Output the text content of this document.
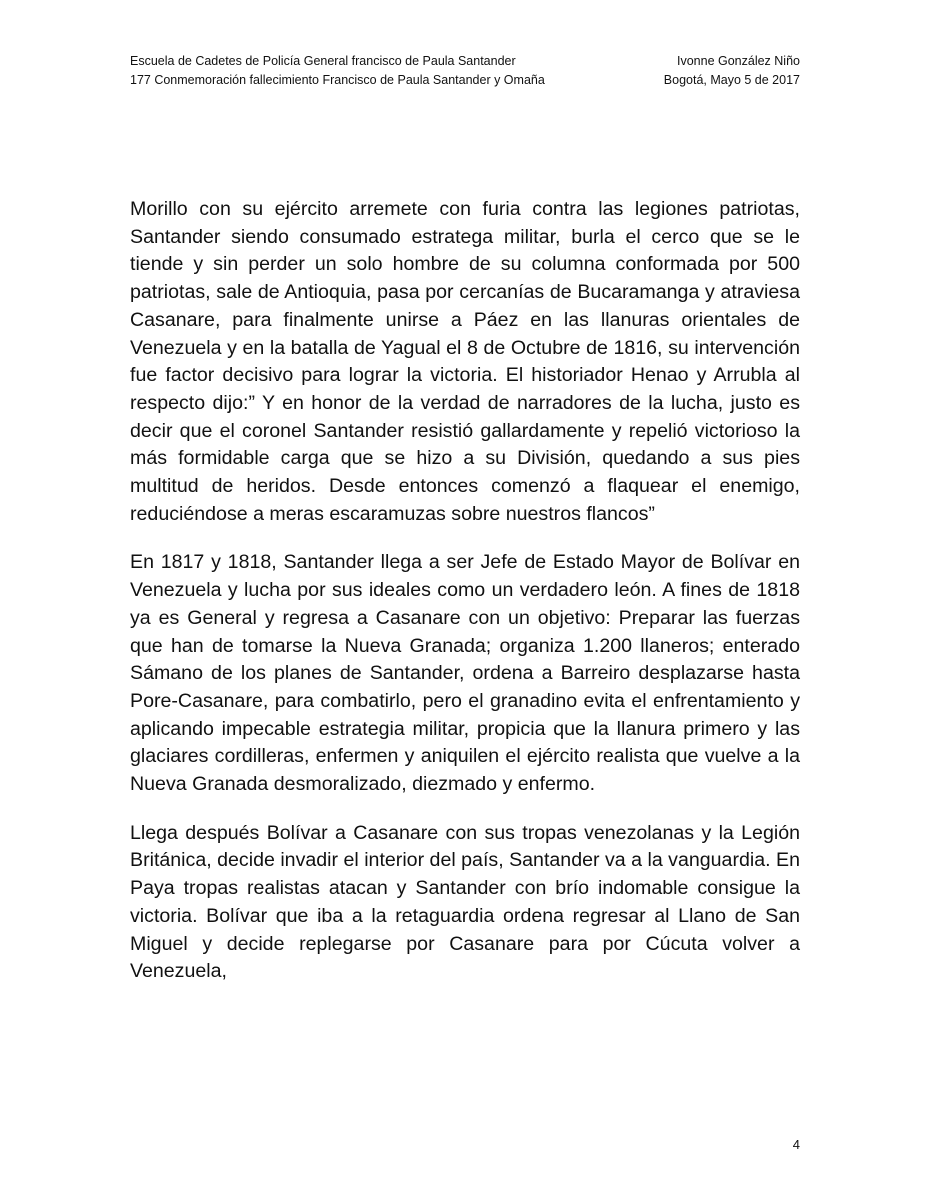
Escuela de Cadetes de Policía General francisco de Paula Santander
177 Conmemoración fallecimiento Francisco de Paula Santander y Omaña
Ivonne González Niño
Bogotá, Mayo 5 de 2017

Morillo con su ejército arremete con furia contra las legiones patriotas, Santander siendo consumado estratega militar, burla el cerco que se le tiende y sin perder un solo hombre de su columna conformada por 500 patriotas, sale de Antioquia, pasa por cercanías de Bucaramanga y atraviesa Casanare, para finalmente unirse a Páez en las llanuras orientales de Venezuela y en la batalla de Yagual el 8 de Octubre de 1816, su intervención fue factor decisivo para lograr la victoria. El historiador Henao y Arrubla al respecto dijo:” Y en honor de la verdad de narradores de la lucha, justo es decir que el coronel Santander resistió gallardamente y repelió victorioso la más formidable carga que se hizo a su División, quedando a sus pies multitud de heridos. Desde entonces comenzó a flaquear el enemigo, reduciéndose a meras escaramuzas sobre nuestros flancos”

En 1817 y 1818, Santander llega a ser Jefe de Estado Mayor de Bolívar en Venezuela y lucha por sus ideales como un verdadero león. A fines de 1818 ya es General y regresa a Casanare con un objetivo: Preparar las fuerzas que han de tomarse la Nueva Granada; organiza 1.200 llaneros; enterado Sámano de los planes de Santander, ordena a Barreiro desplazarse hasta Pore-Casanare, para combatirlo, pero el granadino evita el enfrentamiento y aplicando impecable estrategia militar, propicia que la llanura primero y las glaciares cordilleras, enfermen y aniquilen el ejército realista que vuelve a la Nueva Granada desmoralizado, diezmado y enfermo.

Llega después Bolívar a Casanare con sus tropas venezolanas y la Legión Británica, decide invadir el interior del país, Santander va a la vanguardia. En Paya tropas realistas atacan y Santander con brío indomable consigue la victoria. Bolívar que iba a la retaguardia ordena regresar al Llano de San Miguel y decide replegarse por Casanare para por Cúcuta volver a Venezuela,

4
